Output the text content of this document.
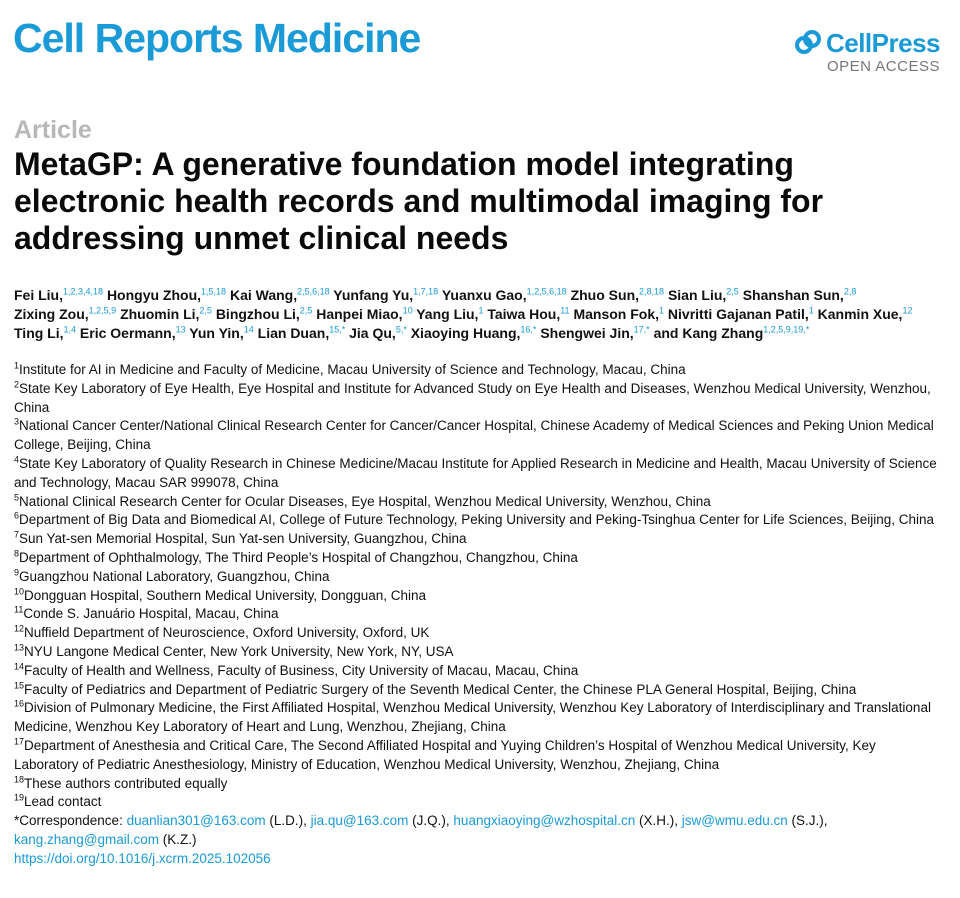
Cell Reports Medicine	CellPress
OPEN ACCESS
Article
MetaGP: A generative foundation model integrating electronic health records and multimodal imaging for addressing unmet clinical needs
Fei Liu,$^{1,2,3,4,18}$ Hongyu Zhou,$^{1,5,18}$ Kai Wang,$^{2,5,6,18}$ Yunfang Yu,$^{1,7,18}$ Yuanxu Gao,$^{1,2,5,6,18}$ Zhuo Sun,$^{2,8,18}$ Sian Liu,$^{2,5}$ Shanshan Sun,$^{2,8}$ Zixing Zou,$^{1,2,5,9}$ Zhuomin Li,$^{2,5}$ Bingzhou Li,$^{2,5}$ Hanpei Miao,$^{10}$ Yang Liu,$^1$ Taiwa Hou,$^{11}$ Manson Fok,$^1$ Nivritti Gajanan Patil,$^1$ Kanmin Xue,$^{12}$ Ting Li,$^{1,4}$ Eric Oermann,$^{13}$ Yun Yin,$^{14}$ Lian Duan,$^{15,*}$ Jia Qu,$^{5,*}$ Xiaoying Huang,$^{16,*}$ Shengwei Jin,$^{17,*}$ and Kang Zhang$^{1,2,5,9,19,*}$

$^1$Institute for AI in Medicine and Faculty of Medicine, Macau University of Science and Technology, Macau, China

$^2$State Key Laboratory of Eye Health, Eye Hospital and Institute for Advanced Study on Eye Health and Diseases, Wenzhou Medical University, Wenzhou, China

$^3$National Cancer Center/National Clinical Research Center for Cancer/Cancer Hospital, Chinese Academy of Medical Sciences and Peking Union Medical College, Beijing, China

$^4$State Key Laboratory of Quality Research in Chinese Medicine/Macau Institute for Applied Research in Medicine and Health, Macau University of Science and Technology, Macau SAR 999078, China

$^5$National Clinical Research Center for Ocular Diseases, Eye Hospital, Wenzhou Medical University, Wenzhou, China

$^6$Department of Big Data and Biomedical AI, College of Future Technology, Peking University and Peking-Tsinghua Center for Life Sciences, Beijing, China

$^7$Sun Yat-sen Memorial Hospital, Sun Yat-sen University, Guangzhou, China

$^8$Department of Ophthalmology, The Third People’s Hospital of Changzhou, Changzhou, China

$^9$Guangzhou National Laboratory, Guangzhou, China

$^{10}$Dongguan Hospital, Southern Medical University, Dongguan, China

$^{11}$Conde S. Januário Hospital, Macau, China

$^{12}$Nuffield Department of Neuroscience, Oxford University, Oxford, UK

$^{13}$NYU Langone Medical Center, New York University, New York, NY, USA

$^{14}$Faculty of Health and Wellness, Faculty of Business, City University of Macau, Macau, China

$^{15}$Faculty of Pediatrics and Department of Pediatric Surgery of the Seventh Medical Center, the Chinese PLA General Hospital, Beijing, China

$^{16}$Division of Pulmonary Medicine, the First Affiliated Hospital, Wenzhou Medical University, Wenzhou Key Laboratory of Interdisciplinary and Translational Medicine, Wenzhou Key Laboratory of Heart and Lung, Wenzhou, Zhejiang, China

$^{17}$Department of Anesthesia and Critical Care, The Second Affiliated Hospital and Yuying Children’s Hospital of Wenzhou Medical University, Key Laboratory of Pediatric Anesthesiology, Ministry of Education, Wenzhou Medical University, Wenzhou, Zhejiang, China

$^{18}$These authors contributed equally

$^{19}$Lead contact

*Correspondence: duanlian301@163.com (L.D.), jia.qu@163.com (J.Q.), huangxiaoying@wzhospital.cn (X.H.), jsw@wmu.edu.cn (S.J.), kang.zhang@gmail.com (K.Z.)

https://doi.org/10.1016/j.xcrm.2025.102056
